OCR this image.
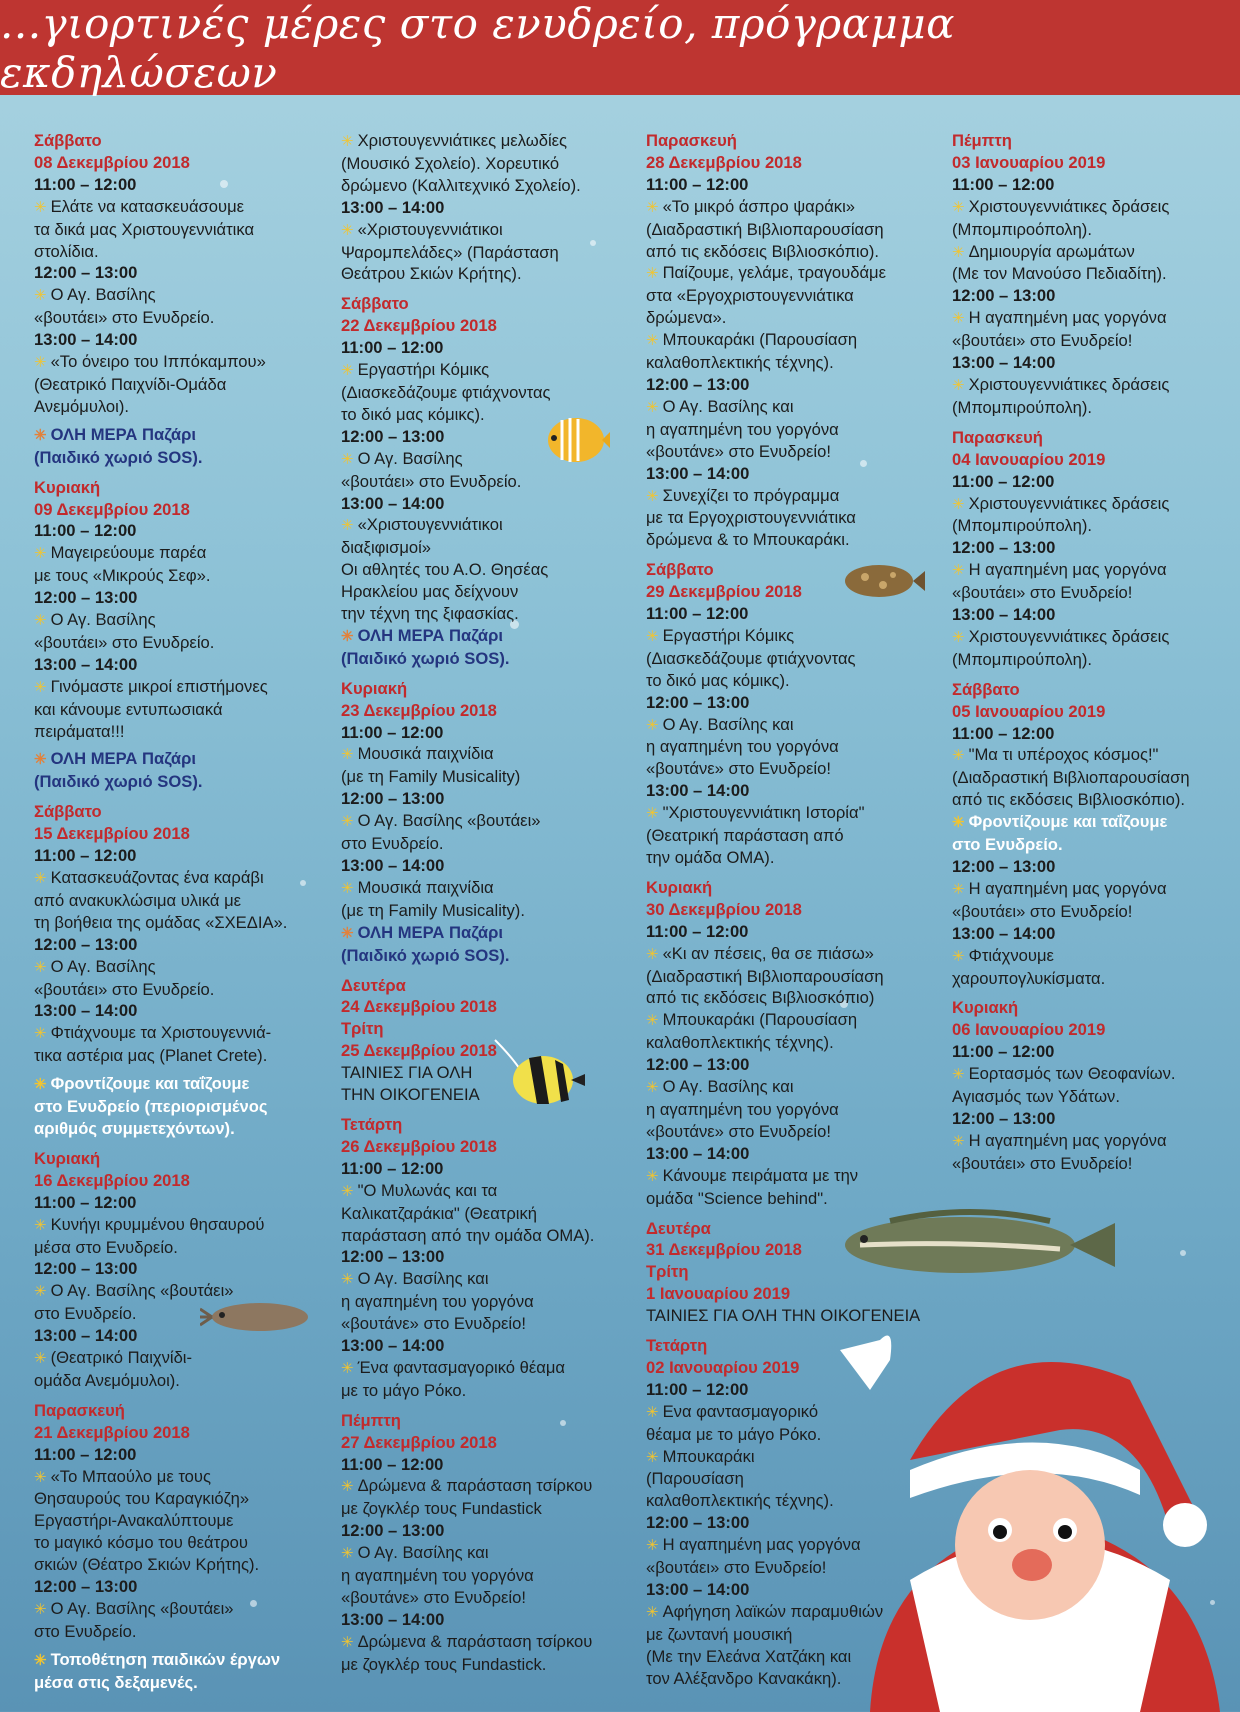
...γιορτινές μέρες στο ενυδρείο, πρόγραμμα εκδηλώσεων
Σάββατο
08 Δεκεμβρίου 2018
11:00 – 12:00
✳ Ελάτε να κατασκευάσουμε
τα δικά μας Χριστουγεννιάτικα
στολίδια.
12:00 – 13:00
✳ Ο Αγ. Βασίλης
«βουτάει» στο Ενυδρείο.
13:00 – 14:00
✳ «Το όνειρο του Ιππόκαμπου»
(Θεατρικό Παιχνίδι-Ομάδα
Ανεμόμυλοι).
✳ ΟΛΗ ΜΕΡΑ Παζάρι
(Παιδικό χωριό SOS).
Κυριακή
09 Δεκεμβρίου 2018
11:00 – 12:00
✳ Μαγειρεύουμε παρέα
με τους «Μικρούς Σεφ».
12:00 – 13:00
✳ Ο Αγ. Βασίλης
«βουτάει» στο Ενυδρείο.
13:00 – 14:00
✳ Γινόμαστε μικροί επιστήμονες
και κάνουμε εντυπωσιακά
πειράματα!!!
✳ ΟΛΗ ΜΕΡΑ Παζάρι
(Παιδικό χωριό SOS).
Σάββατο
15 Δεκεμβρίου 2018
11:00 – 12:00
✳ Κατασκευάζοντας ένα καράβι
από ανακυκλώσιμα υλικά με
τη βοήθεια της ομάδας «ΣΧΕΔΙΑ».
12:00 – 13:00
✳ Ο Αγ. Βασίλης
«βουτάει» στο Ενυδρείο.
13:00 – 14:00
✳ Φτιάχνουμε τα Χριστουγεννιά-
τικα αστέρια μας (Planet Crete).
✳ Φροντίζουμε και ταΐζουμε
στο Ενυδρείο (περιορισμένος
αριθμός συμμετεχόντων).
Κυριακή
16 Δεκεμβρίου 2018
11:00 – 12:00
✳ Κυνήγι κρυμμένου θησαυρού
μέσα στο Ενυδρείο.
12:00 – 13:00
✳ Ο Αγ. Βασίλης «βουτάει»
στο Ενυδρείο.
13:00 – 14:00
✳ (Θεατρικό Παιχνίδι-
ομάδα Ανεμόμυλοι).
Παρασκευή
21 Δεκεμβρίου 2018
11:00 – 12:00
✳ «Το Μπαούλο με τους
Θησαυρούς του Καραγκιόζη»
Εργαστήρι-Ανακαλύπτουμε
το μαγικό κόσμο του θεάτρου
σκιών (Θέατρο Σκιών Κρήτης).
12:00 – 13:00
✳ Ο Αγ. Βασίλης «βουτάει»
στο Ενυδρείο.
✳ Τοποθέτηση παιδικών έργων
μέσα στις δεξαμενές.
✳ Χριστουγεννιάτικες μελωδίες
(Μουσικό Σχολείο). Χορευτικό
δρώμενο (Καλλιτεχνικό Σχολείο).
13:00 – 14:00
✳ «Χριστουγεννιάτικοι
Ψαρομπελάδες» (Παράσταση
Θεάτρου Σκιών Κρήτης).
Σάββατο
22 Δεκεμβρίου 2018
11:00 – 12:00
✳ Εργαστήρι Κόμικς
(Διασκεδάζουμε φτιάχνοντας
το δικό μας κόμικς).
12:00 – 13:00
✳ Ο Αγ. Βασίλης
«βουτάει» στο Ενυδρείο.
13:00 – 14:00
✳ «Χριστουγεννιάτικοι
διαξιφισμοί»
Οι αθλητές του Α.Ο. Θησέας
Ηρακλείου μας δείχνουν
την τέχνη της ξιφασκίας.
✳ ΟΛΗ ΜΕΡΑ Παζάρι
(Παιδικό χωριό SOS).
Κυριακή
23 Δεκεμβρίου 2018
11:00 – 12:00
✳ Μουσικά παιχνίδια
(με τη Family Musicality)
12:00 – 13:00
✳ Ο Αγ. Βασίλης «βουτάει»
στο Ενυδρείο.
13:00 – 14:00
✳ Μουσικά παιχνίδια
(με τη Family Musicality).
✳ ΟΛΗ ΜΕΡΑ Παζάρι
(Παιδικό χωριό SOS).
Δευτέρα
24 Δεκεμβρίου 2018
Τρίτη
25 Δεκεμβρίου 2018
ΤΑΙΝΙΕΣ ΓΙΑ ΟΛΗ
ΤΗΝ ΟΙΚΟΓΕΝΕΙΑ
Τετάρτη
26 Δεκεμβρίου 2018
11:00 – 12:00
✳ "Ο Μυλωνάς και τα
Καλικατζαράκια" (Θεατρική
παράσταση από την ομάδα ΟΜΑ).
12:00 – 13:00
✳ Ο Αγ. Βασίλης και
η αγαπημένη του γοργόνα
«βουτάνε» στο Ενυδρείο!
13:00 – 14:00
✳ Ένα φαντασμαγορικό θέαμα
με το μάγο Ρόκο.
Πέμπτη
27 Δεκεμβρίου 2018
11:00 – 12:00
✳ Δρώμενα & παράσταση τσίρκου
με ζογκλέρ τους Fundastick
12:00 – 13:00
✳ Ο Αγ. Βασίλης και
η αγαπημένη του γοργόνα
«βουτάνε» στο Ενυδρείο!
13:00 – 14:00
✳ Δρώμενα & παράσταση τσίρκου
με ζογκλέρ τους Fundastick.
Παρασκευή
28 Δεκεμβρίου 2018
11:00 – 12:00
✳ «Το μικρό άσπρο ψαράκι»
(Διαδραστική Βιβλιοπαρουσίαση
από τις εκδόσεις Βιβλιοσκόπιο).
✳ Παίζουμε, γελάμε, τραγουδάμε
στα «Εργοχριστουγεννιάτικα
δρώμενα».
✳ Μπουκαράκι (Παρουσίαση
καλαθοπλεκτικής τέχνης).
12:00 – 13:00
✳ Ο Αγ. Βασίλης και
η αγαπημένη του γοργόνα
«βουτάνε» στο Ενυδρείο!
13:00 – 14:00
✳ Συνεχίζει το πρόγραμμα
με τα Εργοχριστουγεννιάτικα
δρώμενα & το Μπουκαράκι.
Σάββατο
29 Δεκεμβρίου 2018
11:00 – 12:00
✳ Εργαστήρι Κόμικς
(Διασκεδάζουμε φτιάχνοντας
το δικό μας κόμικς).
12:00 – 13:00
✳ Ο Αγ. Βασίλης και
η αγαπημένη του γοργόνα
«βουτάνε» στο Ενυδρείο!
13:00 – 14:00
✳ "Χριστουγεννιάτικη Ιστορία"
(Θεατρική παράσταση από
την ομάδα ΟΜΑ).
Κυριακή
30 Δεκεμβρίου 2018
11:00 – 12:00
✳ «Κι αν πέσεις, θα σε πιάσω»
(Διαδραστική Βιβλιοπαρουσίαση
από τις εκδόσεις Βιβλιοσκόπιο)
✳ Μπουκαράκι (Παρουσίαση
καλαθοπλεκτικής τέχνης).
12:00 – 13:00
✳ Ο Αγ. Βασίλης και
η αγαπημένη του γοργόνα
«βουτάνε» στο Ενυδρείο!
13:00 – 14:00
✳ Κάνουμε πειράματα με την
ομάδα "Science behind".
Δευτέρα
31 Δεκεμβρίου 2018
Τρίτη
1 Ιανουαρίου 2019
ΤΑΙΝΙΕΣ ΓΙΑ ΟΛΗ ΤΗΝ ΟΙΚΟΓΕΝΕΙΑ
Τετάρτη
02 Ιανουαρίου 2019
11:00 – 12:00
✳ Ενα φαντασμαγορικό
θέαμα με το μάγο Ρόκο.
✳ Μπουκαράκι
(Παρουσίαση
καλαθοπλεκτικής τέχνης).
12:00 – 13:00
✳ Η αγαπημένη μας γοργόνα
«βουτάει» στο Ενυδρείο!
13:00 – 14:00
✳ Αφήγηση λαϊκών παραμυθιών
με ζωντανή μουσική
(Με την Ελεάνα Χατζάκη και
τον Αλέξανδρο Κανακάκη).
Πέμπτη
03 Ιανουαρίου 2019
11:00 – 12:00
✳ Χριστουγεννιάτικες δράσεις
(Μπομπιροόπολη).
✳ Δημιουργία αρωμάτων
(Με τον Μανούσο Πεδιαδίτη).
12:00 – 13:00
✳ Η αγαπημένη μας γοργόνα
«βουτάει» στο Ενυδρείο!
13:00 – 14:00
✳ Χριστουγεννιάτικες δράσεις
(Μπομπιρούπολη).
Παρασκευή
04 Ιανουαρίου 2019
11:00 – 12:00
✳ Χριστουγεννιάτικες δράσεις
(Μπομπιρούπολη).
12:00 – 13:00
✳ Η αγαπημένη μας γοργόνα
«βουτάει» στο Ενυδρείο!
13:00 – 14:00
✳ Χριστουγεννιάτικες δράσεις
(Μπομπιρούπολη).
Σάββατο
05 Ιανουαρίου 2019
11:00 – 12:00
✳ "Μα τι υπέροχος κόσμος!"
(Διαδραστική Βιβλιοπαρουσίαση
από τις εκδόσεις Βιβλιοσκόπιο).
✳ Φροντίζουμε και ταΐζουμε
στο Ενυδρείο.
12:00 – 13:00
✳ Η αγαπημένη μας γοργόνα
«βουτάει» στο Ενυδρείο!
13:00 – 14:00
✳ Φτιάχνουμε
χαρουπογλυκίσματα.
Κυριακή
06 Ιανουαρίου 2019
11:00 – 12:00
✳ Εορτασμός των Θεοφανίων.
Αγιασμός των Υδάτων.
12:00 – 13:00
✳ Η αγαπημένη μας γοργόνα
«βουτάει» στο Ενυδρείο!
